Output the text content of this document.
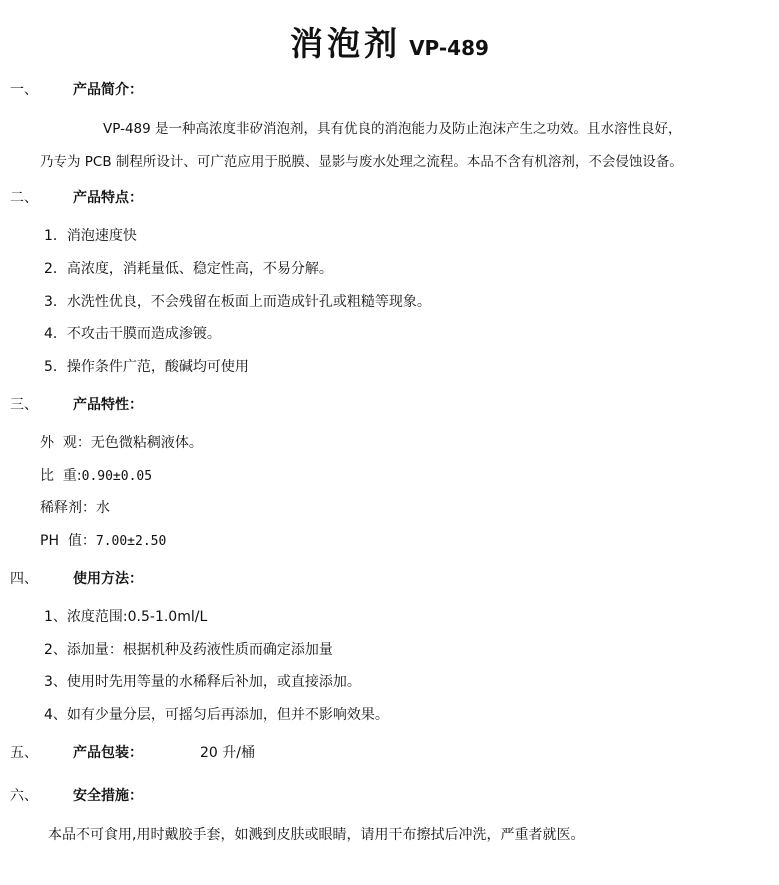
消泡剂 VP-489
一、	产品简介：
VP-489 是一种高浓度非矽消泡剂，具有优良的消泡能力及防止泡沫产生之功效。且水溶性良好，
乃专为 PCB 制程所设计、可广范应用于脱膜、显影与废水处理之流程。本品不含有机溶剂，不会侵蚀设备。
二、	产品特点：
1．消泡速度快
2．高浓度，消耗量低、稳定性高，不易分解。
3．水洗性优良，不会残留在板面上而造成针孔或粗糙等现象。
4．不攻击干膜而造成渗镀。
5．操作条件广范，酸碱均可使用
三、	产品特性：
外  观：无色微粘稠液体。
比  重:0.90±0.05
稀释剂：水
PH  值：7.00±2.50
四、	使用方法：
1、浓度范围:0.5-1.0ml/L
2、添加量：根据机种及药液性质而确定添加量
3、使用时先用等量的水稀释后补加，或直接添加。
4、如有少量分层，可摇匀后再添加，但并不影响效果。
五、	产品包装：	20 升/桶
六、	安全措施：
本品不可食用,用时戴胶手套，如溅到皮肤或眼睛，请用干布擦拭后冲洗，严重者就医。
